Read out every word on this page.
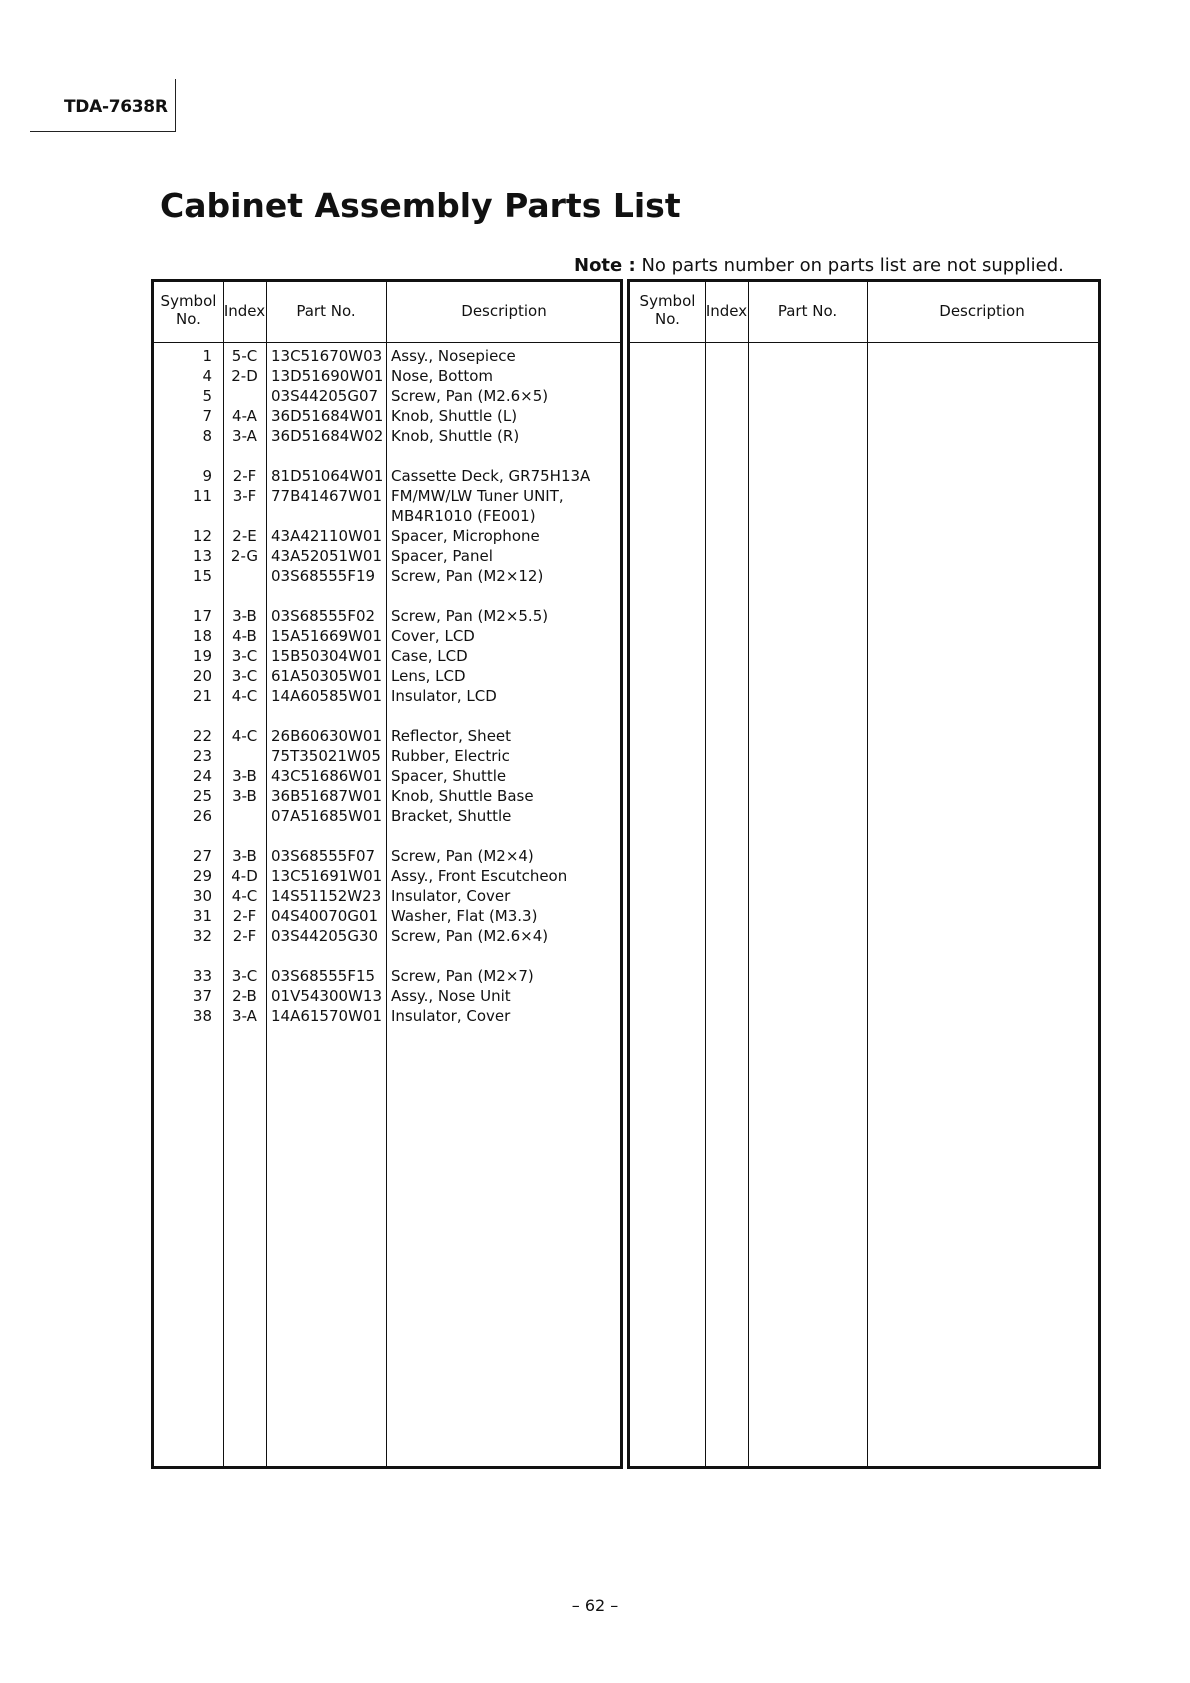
TDA-7638R
Cabinet Assembly Parts List
Note : No parts number on parts list are not supplied.
Symbol
No.	Index	Part No.	Description
1	5-C 13C51670W03 Assy., Nosepiece
4	2-D 13D51690W01 Nose, Bottom
5	03S44205G07 Screw, Pan (M2.6×5)
7	4-A 36D51684W01 Knob, Shuttle (L)
8	3-A 36D51684W02 Knob, Shuttle (R)
9	2-F 81D51064W01 Cassette Deck, GR75H13A
11	3-F 77B41467W01 FM/MW/LW Tuner UNIT,
MB4R1010 (FE001)
12	2-E 43A42110W01 Spacer, Microphone
13	2-G 43A52051W01 Spacer, Panel
15	03S68555F19 Screw, Pan (M2×12)
17	3-B 03S68555F02 Screw, Pan (M2×5.5)
18	4-B 15A51669W01 Cover, LCD
19	3-C 15B50304W01 Case, LCD
20	3-C 61A50305W01 Lens, LCD
21	4-C 14A60585W01 Insulator, LCD
22	4-C 26B60630W01 Reflector, Sheet
23	75T35021W05 Rubber, Electric
24	3-B 43C51686W01 Spacer, Shuttle
25	3-B 36B51687W01 Knob, Shuttle Base
26	07A51685W01 Bracket, Shuttle
27	3-B 03S68555F07 Screw, Pan (M2×4)
29	4-D 13C51691W01 Assy., Front Escutcheon
30	4-C 14S51152W23 Insulator, Cover
31	2-F 04S40070G01 Washer, Flat (M3.3)
32	2-F 03S44205G30 Screw, Pan (M2.6×4)
33	3-C 03S68555F15 Screw, Pan (M2×7)
37	2-B 01V54300W13 Assy., Nose Unit
38	3-A 14A61570W01 Insulator, Cover
Symbol
No.	Index	Part No.	Description
– 62 –
